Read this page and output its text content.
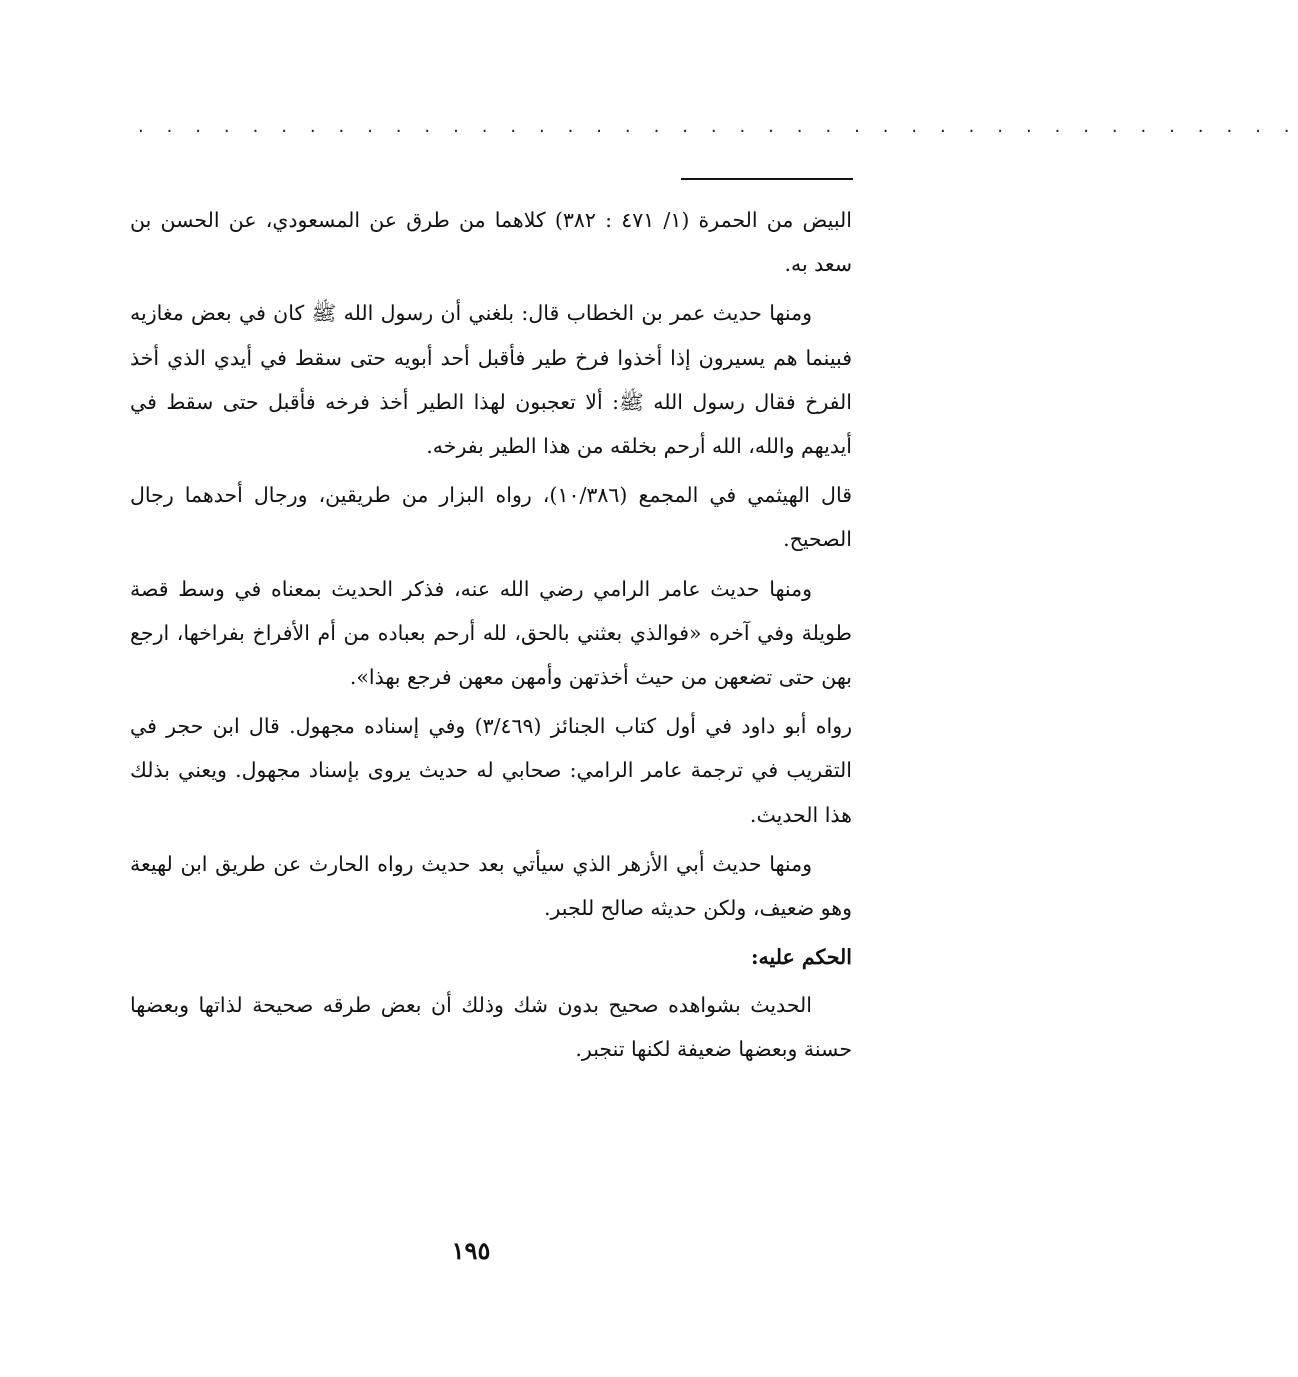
. . . . . . . . . . . . . . . . . . . . . . . . . . . . . . . . . . . . . . . . .

البيض من الحمرة (١/ ٤٧١ : ٣٨٢) كلاهما من طرق عن المسعودي، عن الحسن بن سعد به.

ومنها حديث عمر بن الخطاب قال: بلغني أن رسول الله ﷺ كان في بعض مغازيه فبينما هم يسيرون إذا أخذوا فرخ طير فأقبل أحد أبويه حتى سقط في أيدي الذي أخذ الفرخ فقال رسول الله ﷺ: ألا تعجبون لهذا الطير أخذ فرخه فأقبل حتى سقط في أيديهم والله، الله أرحم بخلقه من هذا الطير بفرخه.

قال الهيثمي في المجمع (١٠/٣٨٦)، رواه البزار من طريقين، ورجال أحدهما رجال الصحيح.

ومنها حديث عامر الرامي رضي الله عنه، فذكر الحديث بمعناه في وسط قصة طويلة وفي آخره «فوالذي بعثني بالحق، لله أرحم بعباده من أم الأفراخ بفراخها، ارجع بهن حتى تضعهن من حيث أخذتهن وأمهن معهن فرجع بهذا».

رواه أبو داود في أول كتاب الجنائز (٣/٤٦٩) وفي إسناده مجهول. قال ابن حجر في التقريب في ترجمة عامر الرامي: صحابي له حديث يروى بإسناد مجهول. ويعني بذلك هذا الحديث.

ومنها حديث أبي الأزهر الذي سيأتي بعد حديث رواه الحارث عن طريق ابن لهيعة وهو ضعيف، ولكن حديثه صالح للجبر.

الحكم عليه:

الحديث بشواهده صحيح بدون شك وذلك أن بعض طرقه صحيحة لذاتها وبعضها حسنة وبعضها ضعيفة لكنها تنجبر.

١٩٥
